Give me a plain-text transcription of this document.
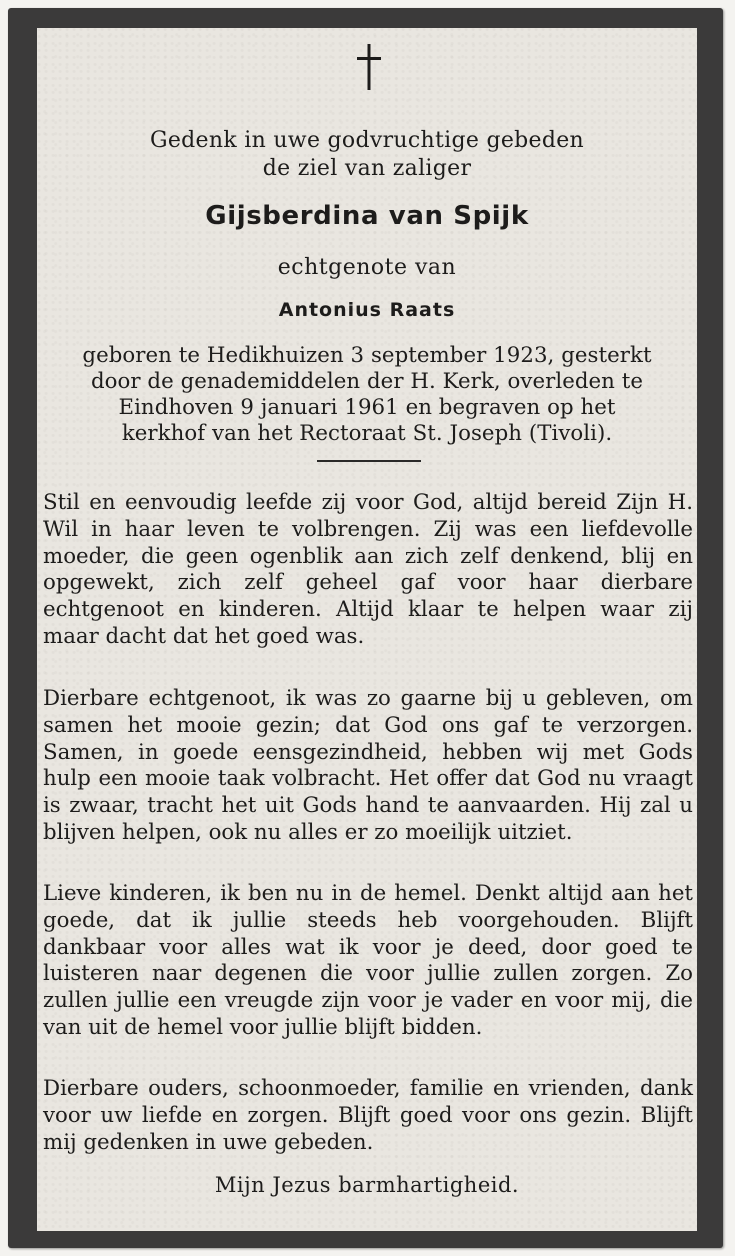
Gedenk in uwe godvruchtige gebeden
de ziel van zaliger
Gijsberdina van Spijk
echtgenote van
Antonius Raats
geboren te Hedikhuizen 3 september 1923, gesterkt
door de genademiddelen der H. Kerk, overleden te
Eindhoven 9 januari 1961 en begraven op het
kerkhof van het Rectoraat St. Joseph (Tivoli).
Stil en eenvoudig leefde zij voor God, altijd bereid Zijn H. Wil in haar leven te volbrengen. Zij was een liefdevolle moeder, die geen ogenblik aan zich zelf denkend, blij en opgewekt, zich zelf geheel gaf voor haar dierbare echtgenoot en kinderen. Altijd klaar te helpen waar zij maar dacht dat het goed was.
Dierbare echtgenoot, ik was zo gaarne bij u gebleven, om samen het mooie gezin; dat God ons gaf te verzorgen. Samen, in goede eensgezindheid, hebben wij met Gods hulp een mooie taak volbracht. Het offer dat God nu vraagt is zwaar, tracht het uit Gods hand te aanvaarden. Hij zal u blijven helpen, ook nu alles er zo moeilijk uitziet.
Lieve kinderen, ik ben nu in de hemel. Denkt altijd aan het goede, dat ik jullie steeds heb voorgehouden. Blijft dankbaar voor alles wat ik voor je deed, door goed te luisteren naar degenen die voor jullie zullen zorgen. Zo zullen jullie een vreugde zijn voor je vader en voor mij, die van uit de hemel voor jullie blijft bidden.
Dierbare ouders, schoonmoeder, familie en vrienden, dank voor uw liefde en zorgen. Blijft goed voor ons gezin. Blijft mij gedenken in uwe gebeden.
Mijn Jezus barmhartigheid.
